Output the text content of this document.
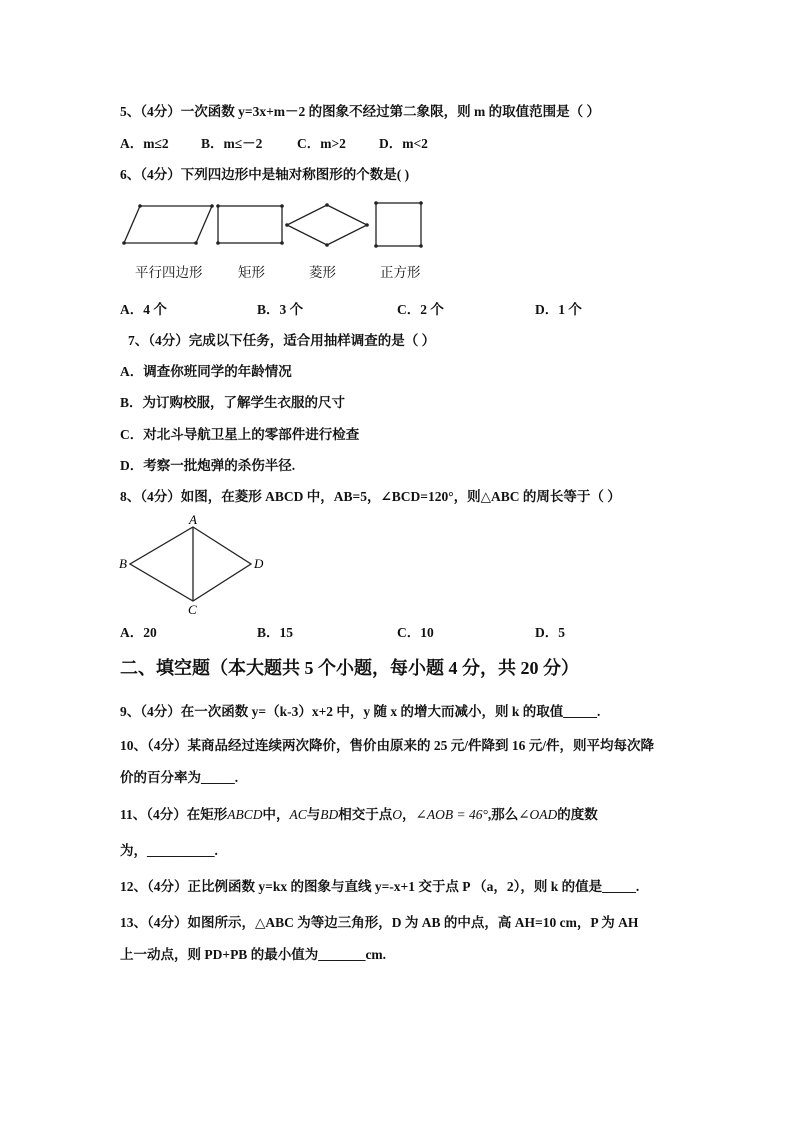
5、（4分）一次函数 y=3x+m－2 的图象不经过第二象限，则 m 的取值范围是（ ）
A．m≤2 B．m≤－2	C．m>2 D．m<2
6、（4分）下列四边形中是轴对称图形的个数是( )
平行四边形	矩形	菱形	正方形
A．4 个	B．3 个	C．2 个	D．1 个
7、（4分）完成以下任务，适合用抽样调查的是（ ）
A．调查你班同学的年龄情况
B．为订购校服，了解学生衣服的尺寸
C．对北斗导航卫星上的零部件进行检查
D．考察一批炮弹的杀伤半径.
8、（4分）如图，在菱形 ABCD 中，AB=5，∠BCD=120°，则△ABC 的周长等于（ ）
A
B
C
D
A．20	B．15	C．10	D．5
二、填空题（本大题共 5 个小题，每小题 4 分，共 20 分）
9、（4分）在一次函数 y=（k-3）x+2 中，y 随 x 的增大而减小，则 k 的取值_____.
10、（4分）某商品经过连续两次降价，售价由原来的 25 元/件降到 16 元/件，则平均每次降
价的百分率为_____.
11、（4分）在矩形ABCD中，AC与BD相交于点O，∠AOB = 46°,那么∠OAD的度数
为，__________.
12、（4分）正比例函数 y=kx 的图象与直线 y=-x+1 交于点 P （a，2），则 k 的值是_____.
13、（4分）如图所示，△ABC 为等边三角形，D 为 AB 的中点，高 AH=10 cm，P 为 AH
上一动点，则 PD+PB 的最小值为_______cm.
